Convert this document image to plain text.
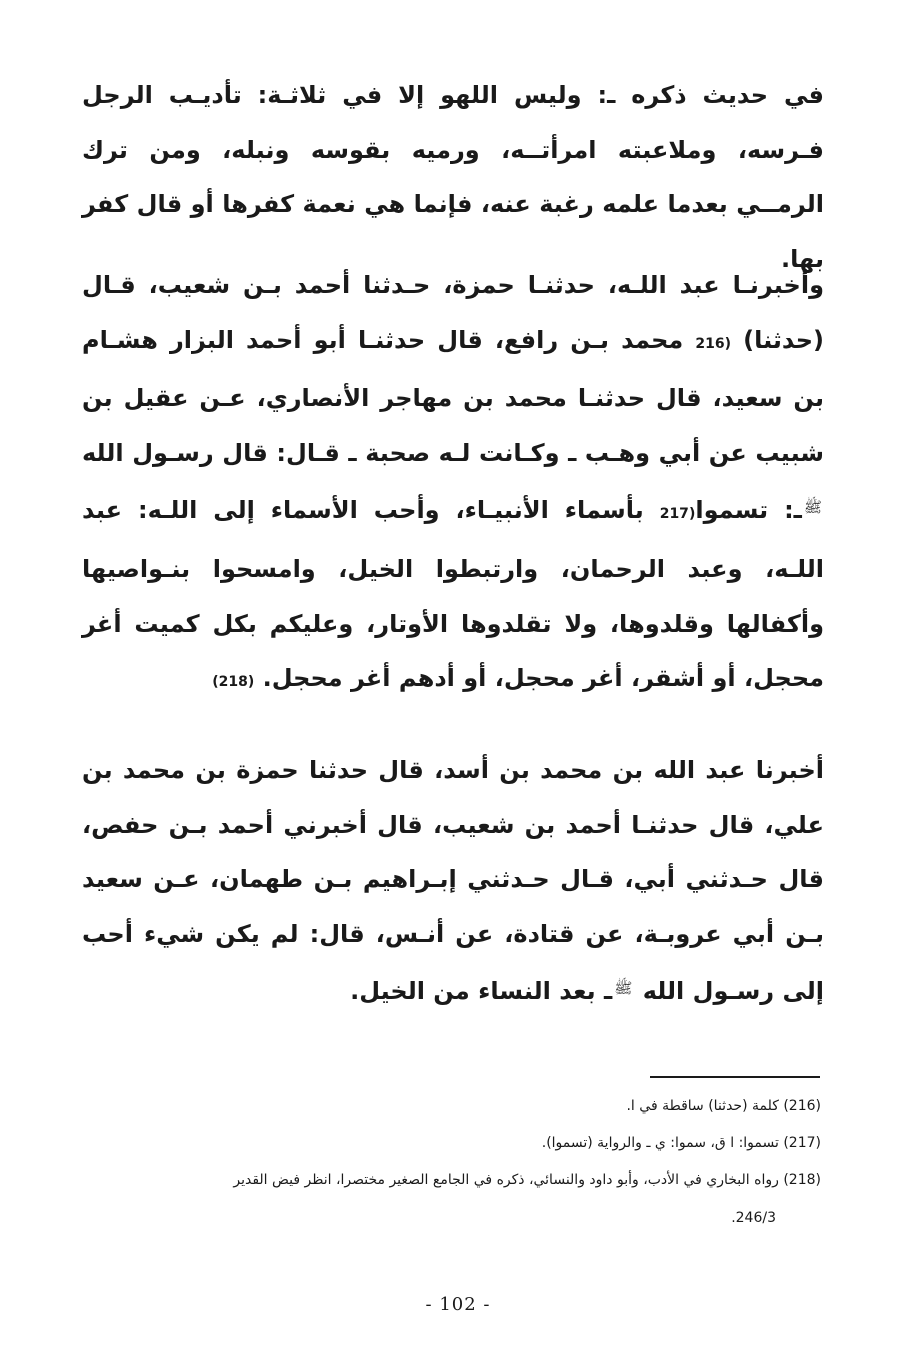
في حديث ذكره ـ: وليس اللهو إلا في ثلاثـة: تأديـب الرجل فـرسه، وملاعبته امرأتــه، ورميه بقوسه ونبله، ومن ترك الرمــي بعدما علمه رغبة عنه، فإنما هي نعمة كفرها أو قال كفر بها.

وأخبرنـا عبد اللـه، حدثنـا حمزة، حـدثنا أحمد بـن شعيب، قـال (حدثنا) (216 محمد بـن رافع، قال حدثنـا أبو أحمد البزار هشـام بن سعيد، قال حدثنـا محمد بن مهاجر الأنصاري، عـن عقيل بن شبيب عن أبي وهـب ـ وكـانت لـه صحبة ـ قـال: قال رسـول الله ﷺـ: تسموا(217 بأسماء الأنبيـاء، وأحب الأسماء إلى اللـه: عبد اللـه، وعبد الرحمان، وارتبطوا الخيل، وامسحوا بنـواصيها وأكفالها وقلدوها، ولا تقلدوها الأوتار، وعليكم بكل كميت أغر محجل، أو أشقر، أغر محجل، أو أدهم أغر محجل. (218)

أخبرنا عبد الله بن محمد بن أسد، قال حدثنا حمزة بن محمد بن علي، قال حدثنـا أحمد بن شعيب، قال أخبرني أحمد بـن حفص، قال حـدثني أبي، قـال حـدثني إبـراهيم بـن طهمان، عـن سعيد بـن أبي عروبـة، عن قتادة، عن أنـس، قال: لم يكن شيء أحب إلى رسـول الله ﷺـ بعد النساء من الخيل.

(216) كلمة (حدثنا) ساقطة في ا.

(217) تسموا: ا ق، سموا: ي ـ والرواية (تسموا).

(218) رواه البخاري في الأدب، وأبو داود والنسائي، ذكره في الجامع الصغير مختصرا، انظر فيض القدير

246/3.

- 102 -
